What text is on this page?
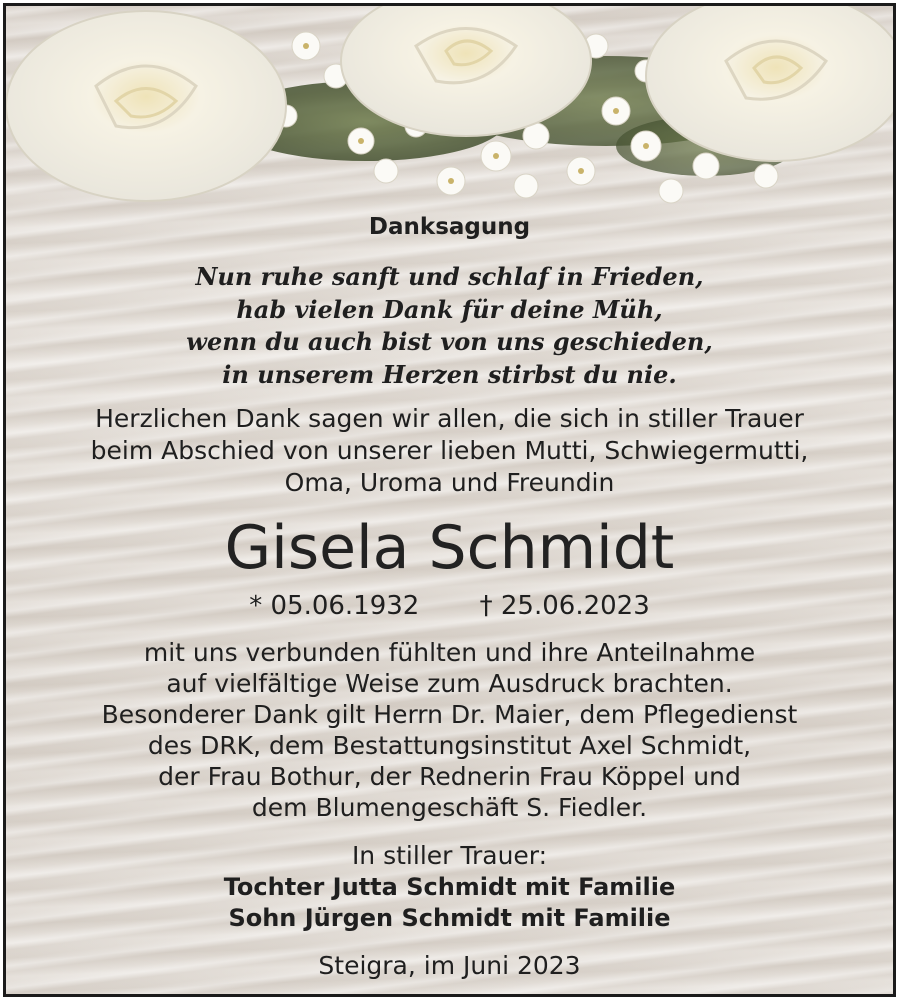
Danksagung

Nun ruhe sanft und schlaf in Frieden,
hab vielen Dank für deine Müh,
wenn du auch bist von uns geschieden,
in unserem Herzen stirbst du nie.

Herzlichen Dank sagen wir allen, die sich in stiller Trauer
beim Abschied von unserer lieben Mutti, Schwiegermutti,
Oma, Uroma und Freundin

Gisela Schmidt

* 05.06.1932 † 25.06.2023

mit uns verbunden fühlten und ihre Anteilnahme
auf vielfältige Weise zum Ausdruck brachten.
Besonderer Dank gilt Herrn Dr. Maier, dem Pflegedienst
des DRK, dem Bestattungsinstitut Axel Schmidt,
der Frau Bothur, der Rednerin Frau Köppel und
dem Blumengeschäft S. Fiedler.

In stiller Trauer:

Tochter Jutta Schmidt mit Familie
Sohn Jürgen Schmidt mit Familie

Steigra, im Juni 2023
